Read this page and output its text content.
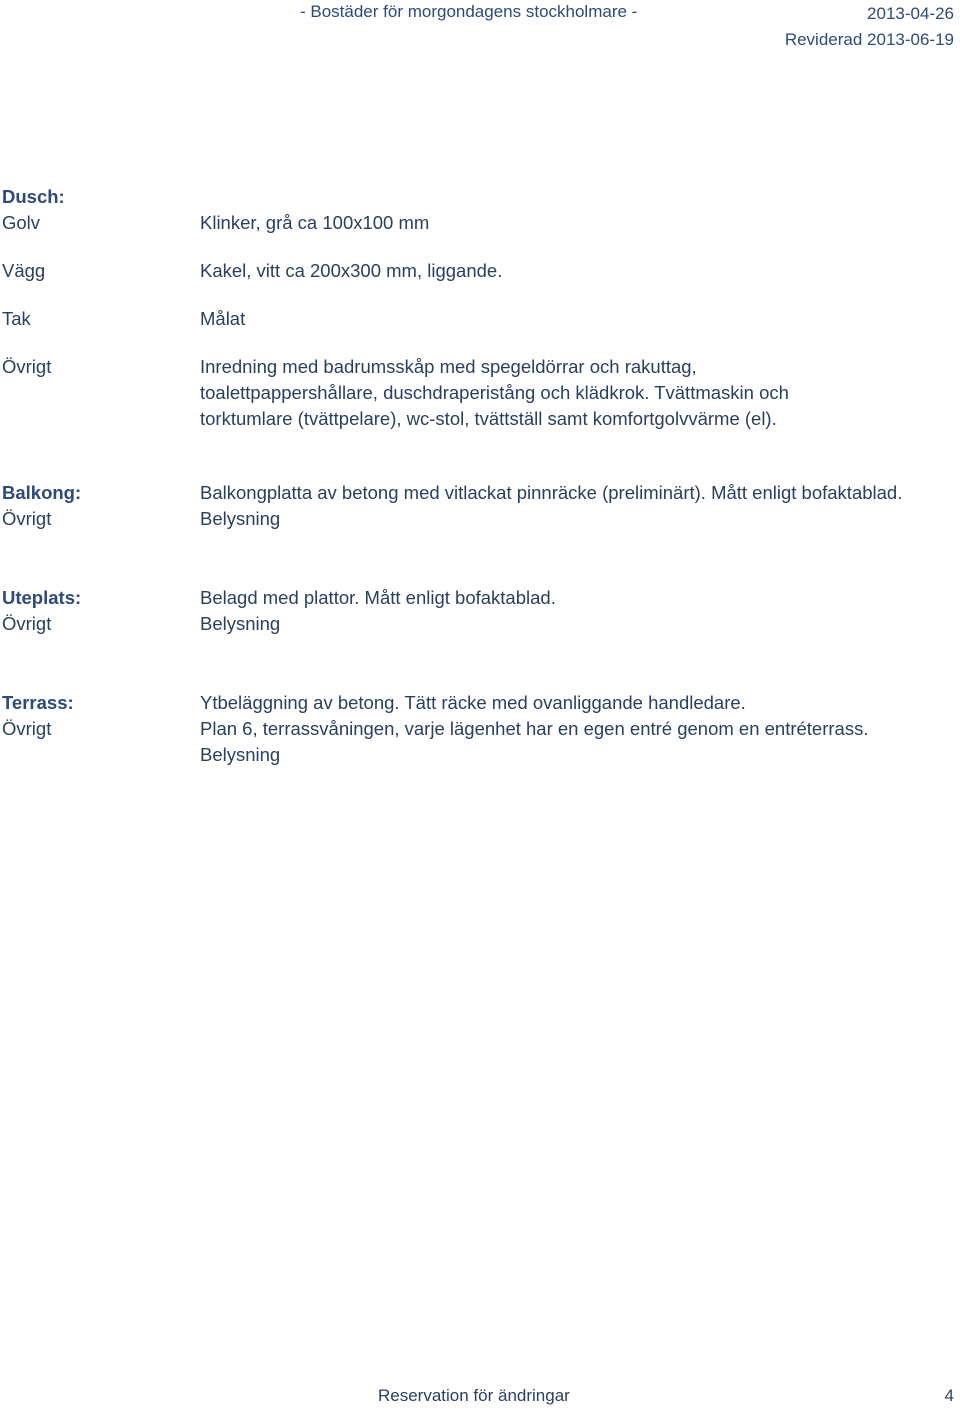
- Bostäder för morgondagens stockholmare -	2013-04-26
Reviderad 2013-06-19
Dusch:
Golv	Klinker, grå ca 100x100 mm
Vägg	Kakel, vitt ca 200x300 mm, liggande.
Tak	Målat
Övrigt	Inredning med badrumsskåp med spegeldörrar och rakuttag,
toalettpappershållare, duschdraperistång och klädkrok. Tvättmaskin och
torktumlare (tvättpelare), wc-stol, tvättställ samt komfortgolvvärme (el).
Balkong:	Balkongplatta av betong med vitlackat pinnräcke (preliminärt). Mått enligt bofaktablad.
Övrigt	Belysning
Uteplats:	Belagd med plattor. Mått enligt bofaktablad.
Övrigt	Belysning
Terrass:	Ytbeläggning av betong. Tätt räcke med ovanliggande handledare.
Övrigt	Plan 6, terrassvåningen, varje lägenhet har en egen entré genom en entréterrass.
Belysning
Reservation för ändringar	4
